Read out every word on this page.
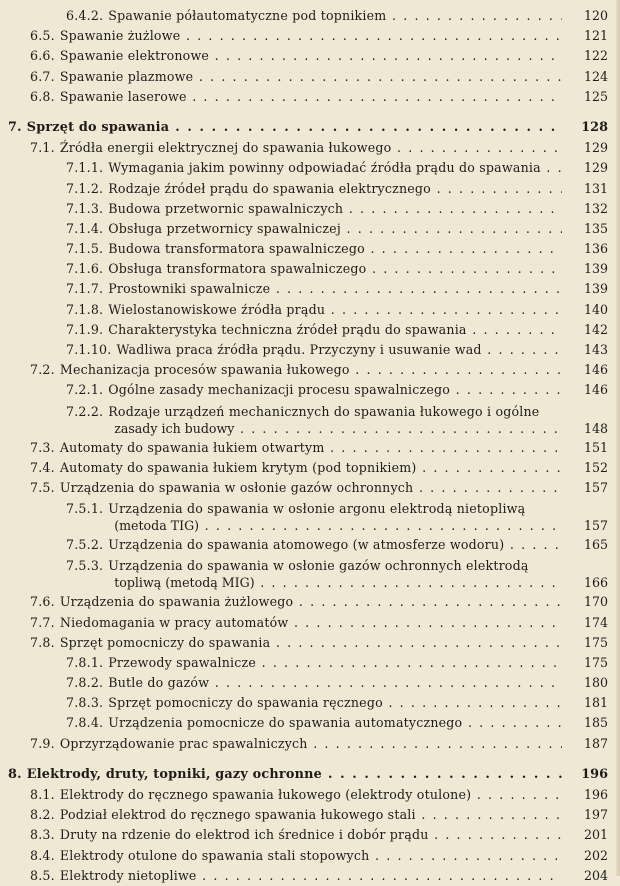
6.4.2. Spawanie półautomatyczne pod topnikiem . . .	120
6.5. Spawanie żużlowe . . .	121
6.6. Spawanie elektronowe . . .	122
6.7. Spawanie plazmowe . . .	124
6.8. Spawanie laserowe . . .	125
7. Sprzęt do spawania . . .	128
7.1. Źródła energii elektrycznej do spawania łukowego . . .	129
7.1.1. Wymagania jakim powinny odpowiadać źródła prądu do spawania . . .	129
7.1.2. Rodzaje źródeł prądu do spawania elektrycznego . . .	131
7.1.3. Budowa przetwornic spawalniczych . . .	132
7.1.4. Obsługa przetwornicy spawalniczej . . .	135
7.1.5. Budowa transformatora spawalniczego . . .	136
7.1.6. Obsługa transformatora spawalniczego . . .	139
7.1.7. Prostowniki spawalnicze . . .	139
7.1.8. Wielostanowiskowe źródła prądu . . .	140
7.1.9. Charakterystyka techniczna źródeł prądu do spawania . . .	142
7.1.10. Wadliwa praca źródła prądu. Przyczyny i usuwanie wad . . .	143
7.2. Mechanizacja procesów spawania łukowego . . .	146
7.2.1. Ogólne zasady mechanizacji procesu spawalniczego . . .	146
7.2.2. Rodzaje urządzeń mechanicznych do spawania łukowego i ogólne
zasady ich budowy . . .	148
7.3. Automaty do spawania łukiem otwartym . . .	151
7.4. Automaty do spawania łukiem krytym (pod topnikiem) . . .	152
7.5. Urządzenia do spawania w osłonie gazów ochronnych . . .	157
7.5.1. Urządzenia do spawania w osłonie argonu elektrodą nietopliwą
(metoda TIG) . . .	157
7.5.2. Urządzenia do spawania atomowego (w atmosferze wodoru) . . .	165
7.5.3. Urządzenia do spawania w osłonie gazów ochronnych elektrodą
topliwą (metodą MIG) . . .	166
7.6. Urządzenia do spawania żużlowego . . .	170
7.7. Niedomagania w pracy automatów . . .	174
7.8. Sprzęt pomocniczy do spawania . . .	175
7.8.1. Przewody spawalnicze . . .	175
7.8.2. Butle do gazów . . .	180
7.8.3. Sprzęt pomocniczy do spawania ręcznego . . .	181
7.8.4. Urządzenia pomocnicze do spawania automatycznego . . .	185
7.9. Oprzyrządowanie prac spawalniczych . . .	187
8. Elektrody, druty, topniki, gazy ochronne . . .	196
8.1. Elektrody do ręcznego spawania łukowego (elektrody otulone) . . .	196
8.2. Podział elektrod do ręcznego spawania łukowego stali . . .	197
8.3. Druty na rdzenie do elektrod ich średnice i dobór prądu . . .	201
8.4. Elektrody otulone do spawania stali stopowych . . .	202
8.5. Elektrody nietopliwe . . .	204
